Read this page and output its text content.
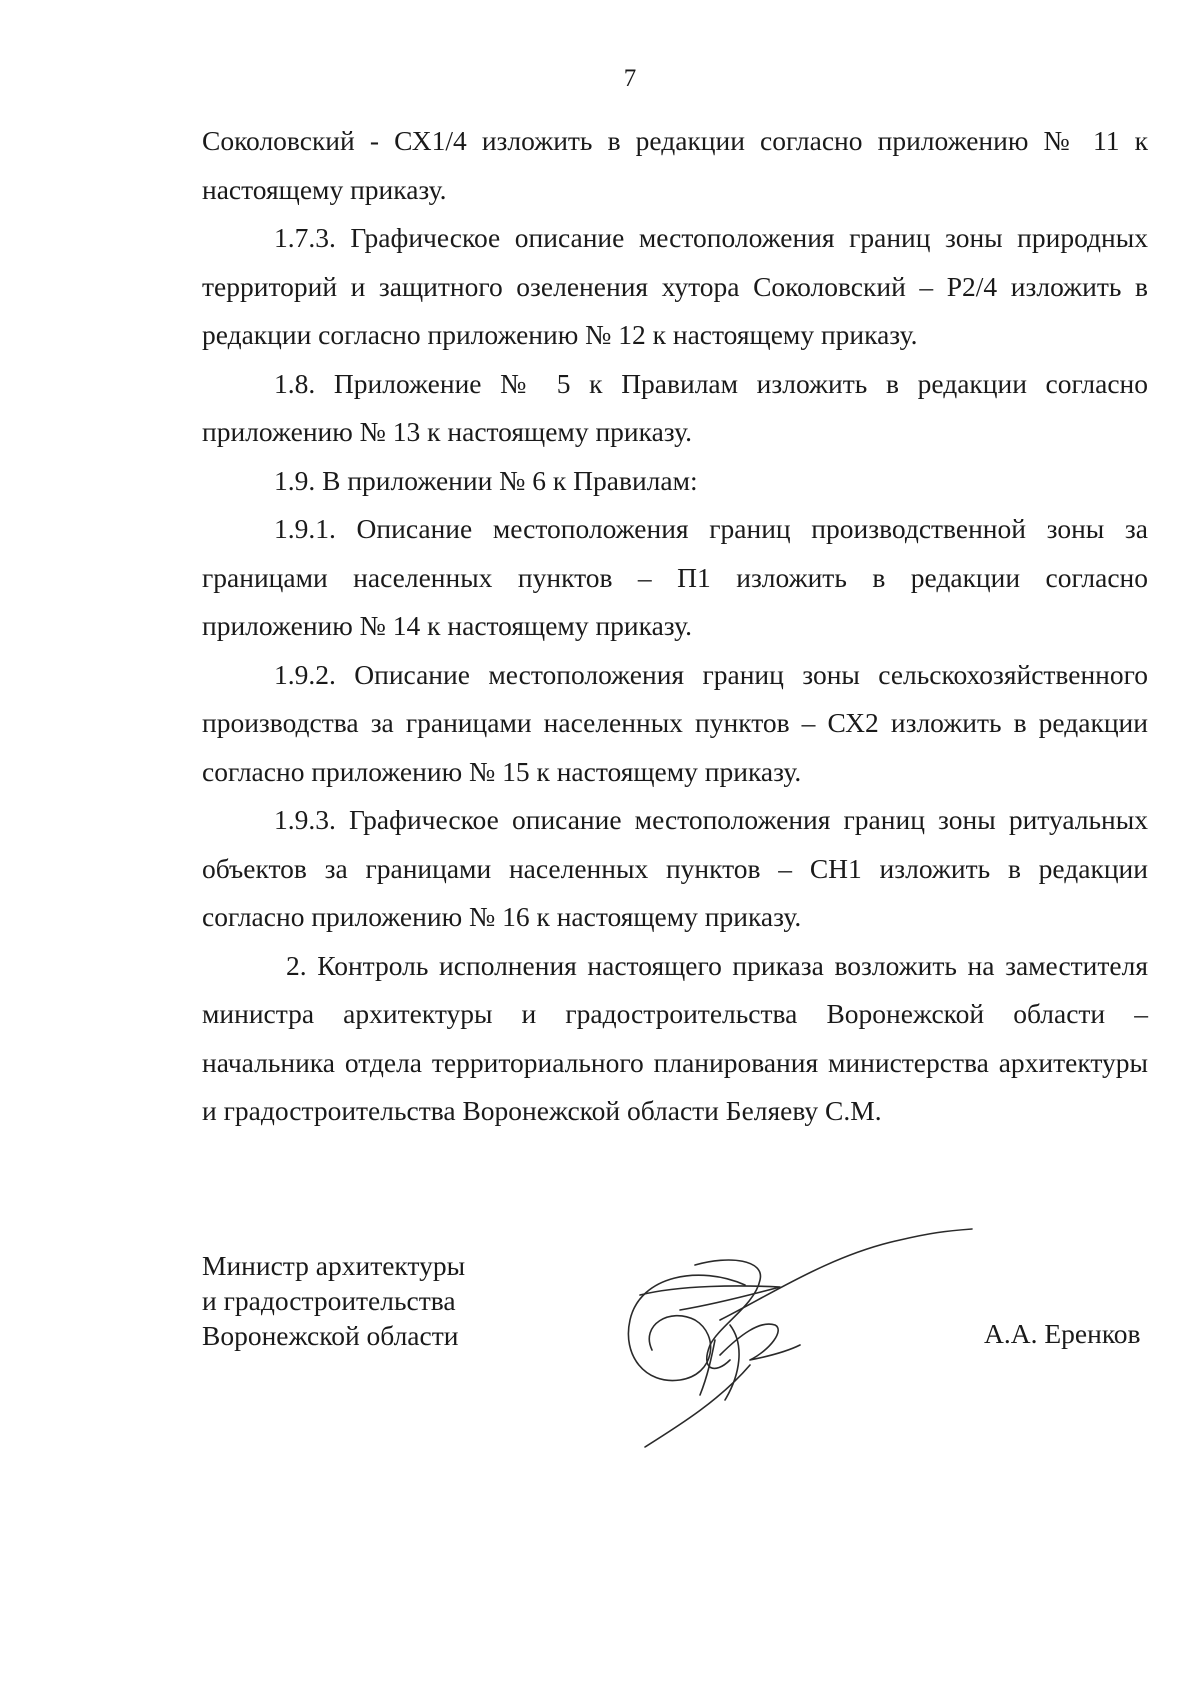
7

Соколовский - СХ1/4 изложить в редакции согласно приложению № 11 к настоящему приказу.

1.7.3. Графическое описание местоположения границ зоны природных территорий и защитного озеленения хутора Соколовский – Р2/4 изложить в редакции согласно приложению № 12 к настоящему приказу.

1.8. Приложение № 5 к Правилам изложить в редакции согласно приложению № 13 к настоящему приказу.

1.9. В приложении № 6 к Правилам:

1.9.1. Описание местоположения границ производственной зоны за границами населенных пунктов – П1 изложить в редакции согласно приложению № 14 к настоящему приказу.

1.9.2. Описание местоположения границ зоны сельскохозяйственного производства за границами населенных пунктов – СХ2 изложить в редакции согласно приложению № 15 к настоящему приказу.

1.9.3. Графическое описание местоположения границ зоны ритуальных объектов за границами населенных пунктов – СН1 изложить в редакции согласно приложению № 16 к настоящему приказу.

2. Контроль исполнения настоящего приказа возложить на заместителя министра архитектуры и градостроительства Воронежской области – начальника отдела территориального планирования министерства архитектуры и градостроительства Воронежской области Беляеву С.М.

Министр архитектуры
и градостроительства
Воронежской области	А.А. Еренков
